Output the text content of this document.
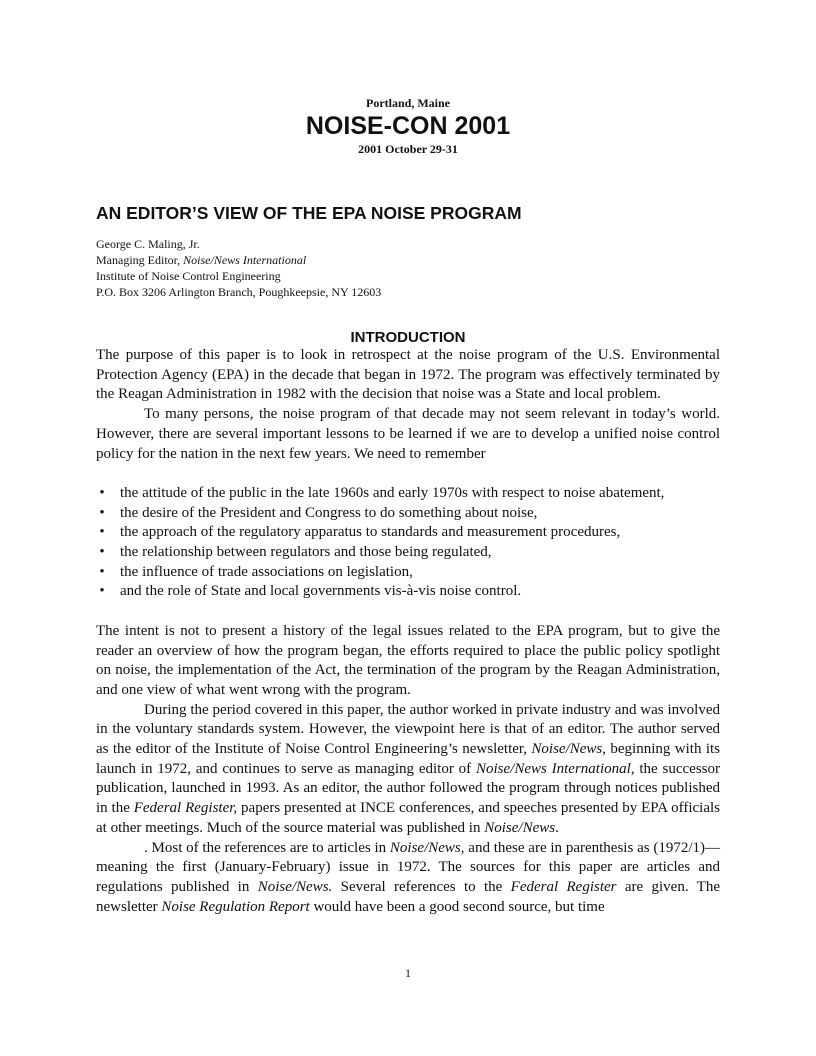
Portland, Maine
NOISE-CON 2001
2001 October 29-31
AN EDITOR’S VIEW OF THE EPA NOISE PROGRAM
George C. Maling, Jr.
Managing Editor, Noise/News International
Institute of Noise Control Engineering
P.O. Box 3206 Arlington Branch, Poughkeepsie, NY 12603
INTRODUCTION

The purpose of this paper is to look in retrospect at the noise program of the U.S. Environmental Protection Agency (EPA) in the decade that began in 1972. The program was effectively terminated by the Reagan Administration in 1982 with the decision that noise was a State and local problem.

To many persons, the noise program of that decade may not seem relevant in today’s world. However, there are several important lessons to be learned if we are to develop a unified noise control policy for the nation in the next few years. We need to remember

• the attitude of the public in the late 1960s and early 1970s with respect to noise abatement,
• the desire of the President and Congress to do something about noise,
• the approach of the regulatory apparatus to standards and measurement procedures,
• the relationship between regulators and those being regulated,
• the influence of trade associations on legislation,
• and the role of State and local governments vis-à-vis noise control.

The intent is not to present a history of the legal issues related to the EPA program, but to give the reader an overview of how the program began, the efforts required to place the public policy spotlight on noise, the implementation of the Act, the termination of the program by the Reagan Administration, and one view of what went wrong with the program.

During the period covered in this paper, the author worked in private industry and was involved in the voluntary standards system. However, the viewpoint here is that of an editor. The author served as the editor of the Institute of Noise Control Engineering’s newsletter, Noise/News, beginning with its launch in 1972, and continues to serve as managing editor of Noise/News International, the successor publication, launched in 1993. As an editor, the author followed the program through notices published in the Federal Register, papers presented at INCE conferences, and speeches presented by EPA officials at other meetings. Much of the source material was published in Noise/News.

. Most of the references are to articles in Noise/News, and these are in parenthesis as (1972/1)—meaning the first (January-February) issue in 1972. The sources for this paper are articles and regulations published in Noise/News. Several references to the Federal Register are given. The newsletter Noise Regulation Report would have been a good second source, but time

1
